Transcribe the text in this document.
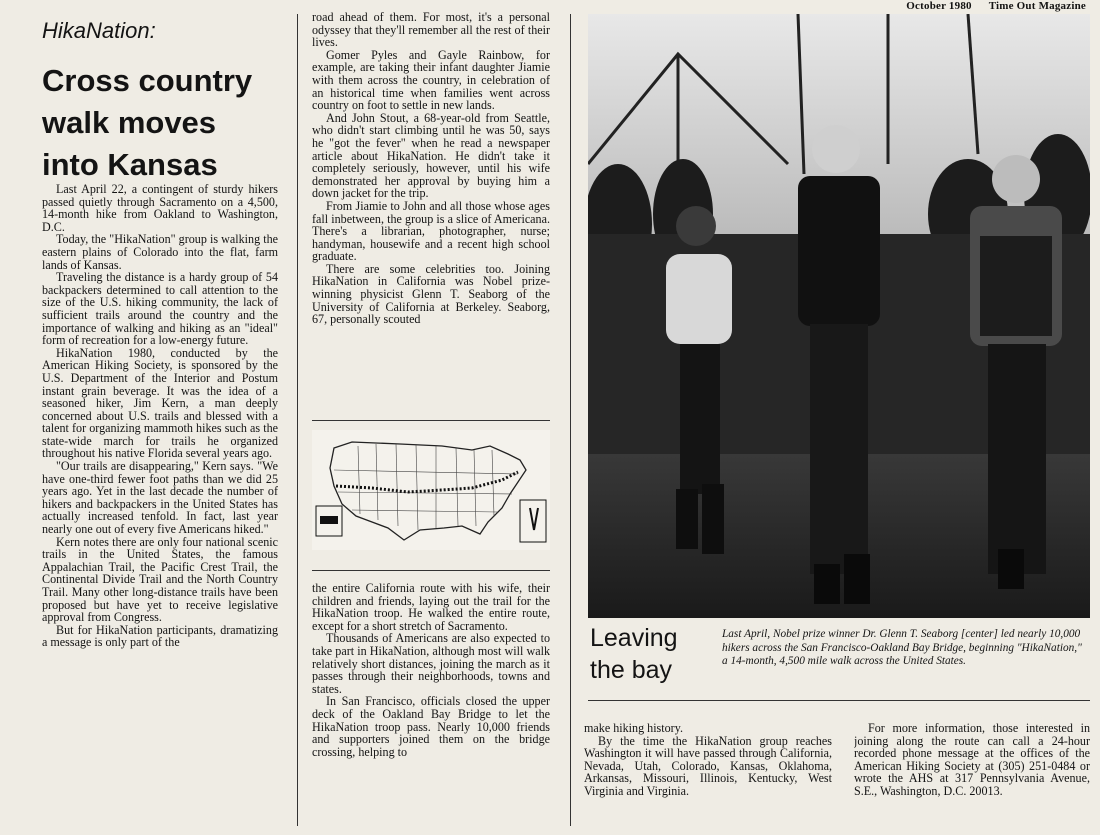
October 1980 Time Out Magazine
HikaNation:
Cross country
walk moves
into Kansas

Last April 22, a contingent of sturdy hikers passed quietly through Sacramento on a 4,500, 14-month hike from Oakland to Washington, D.C.

Today, the "HikaNation" group is walking the eastern plains of Colorado into the flat, farm lands of Kansas.

Traveling the distance is a hardy group of 54 backpackers determined to call attention to the size of the U.S. hiking community, the lack of sufficient trails around the country and the importance of walking and hiking as an "ideal" form of recreation for a low-energy future.

HikaNation 1980, conducted by the American Hiking Society, is sponsored by the U.S. Department of the Interior and Postum instant grain beverage. It was the idea of a seasoned hiker, Jim Kern, a man deeply concerned about U.S. trails and blessed with a talent for organizing mammoth hikes such as the state-wide march for trails he organized throughout his native Florida several years ago.

"Our trails are disappearing," Kern says. "We have one-third fewer foot paths than we did 25 years ago. Yet in the last decade the number of hikers and backpackers in the United States has actually increased tenfold. In fact, last year nearly one out of every five Americans hiked."

Kern notes there are only four national scenic trails in the United States, the famous Appalachian Trail, the Pacific Crest Trail, the Continental Divide Trail and the North Country Trail. Many other long-distance trails have been proposed but have yet to receive legislative approval from Congress.

But for HikaNation participants, dramatizing a message is only part of the

road ahead of them. For most, it's a personal odyssey that they'll remember all the rest of their lives.

Gomer Pyles and Gayle Rainbow, for example, are taking their infant daughter Jiamie with them across the country, in celebration of an historical time when families went across country on foot to settle in new lands.

And John Stout, a 68-year-old from Seattle, who didn't start climbing until he was 50, says he "got the fever" when he read a newspaper article about HikaNation. He didn't take it completely seriously, however, until his wife demonstrated her approval by buying him a down jacket for the trip.

From Jiamie to John and all those whose ages fall inbetween, the group is a slice of Americana. There's a librarian, photographer, nurse; handyman, housewife and a recent high school graduate.

There are some celebrities too. Joining HikaNation in California was Nobel prize-winning physicist Glenn T. Seaborg of the University of California at Berkeley. Seaborg, 67, personally scouted

the entire California route with his wife, their children and friends, laying out the trail for the HikaNation troop. He walked the entire route, except for a short stretch of Sacramento.

Thousands of Americans are also expected to take part in HikaNation, although most will walk relatively short distances, joining the march as it passes through their neighborhoods, towns and states.

In San Francisco, officials closed the upper deck of the Oakland Bay Bridge to let the HikaNation troop pass. Nearly 10,000 friends and supporters joined them on the bridge crossing, helping to

Leaving
the bay
Last April, Nobel prize winner Dr. Glenn T. Seaborg [center] led nearly 10,000 hikers across the San Francisco-Oakland Bay Bridge, beginning "HikaNation," a 14-month, 4,500 mile walk across the United States.

make hiking history.

By the time the HikaNation group reaches Washington it will have passed through California, Nevada, Utah, Colorado, Kansas, Oklahoma, Arkansas, Missouri, Illinois, Kentucky, West Virginia and Virginia.

For more information, those interested in joining along the route can call a 24-hour recorded phone message at the offices of the American Hiking Society at (305) 251-0484 or wrote the AHS at 317 Pennsylvania Avenue, S.E., Washington, D.C. 20013.
